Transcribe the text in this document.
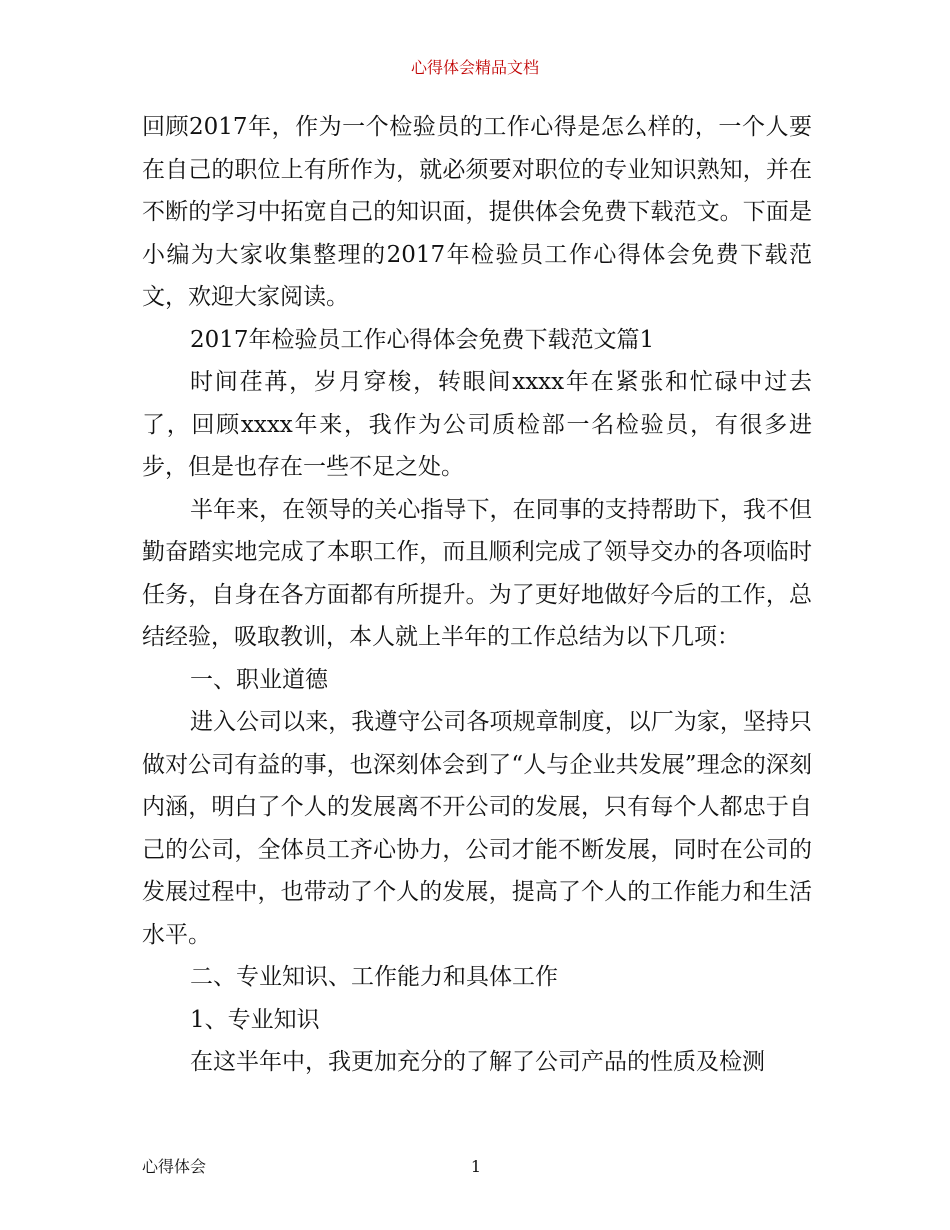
心得体会精品文档

回顾2017年，作为一个检验员的工作心得是怎么样的，一个人要在自己的职位上有所作为，就必须要对职位的专业知识熟知，并在不断的学习中拓宽自己的知识面，提供体会免费下载范文。下面是小编为大家收集整理的2017年检验员工作心得体会免费下载范文，欢迎大家阅读。

2017年检验员工作心得体会免费下载范文篇1

时间荏苒，岁月穿梭，转眼间xxxx年在紧张和忙碌中过去了，回顾xxxx年来，我作为公司质检部一名检验员，有很多进步，但是也存在一些不足之处。

半年来，在领导的关心指导下，在同事的支持帮助下，我不但勤奋踏实地完成了本职工作，而且顺利完成了领导交办的各项临时任务，自身在各方面都有所提升。为了更好地做好今后的工作，总结经验，吸取教训，本人就上半年的工作总结为以下几项：

一、职业道德

进入公司以来，我遵守公司各项规章制度，以厂为家，坚持只做对公司有益的事，也深刻体会到了“人与企业共发展”理念的深刻内涵，明白了个人的发展离不开公司的发展，只有每个人都忠于自己的公司，全体员工齐心协力，公司才能不断发展，同时在公司的发展过程中，也带动了个人的发展，提高了个人的工作能力和生活水平。

二、专业知识、工作能力和具体工作

1、专业知识

在这半年中，我更加充分的了解了公司产品的性质及检测

心得体会	1
